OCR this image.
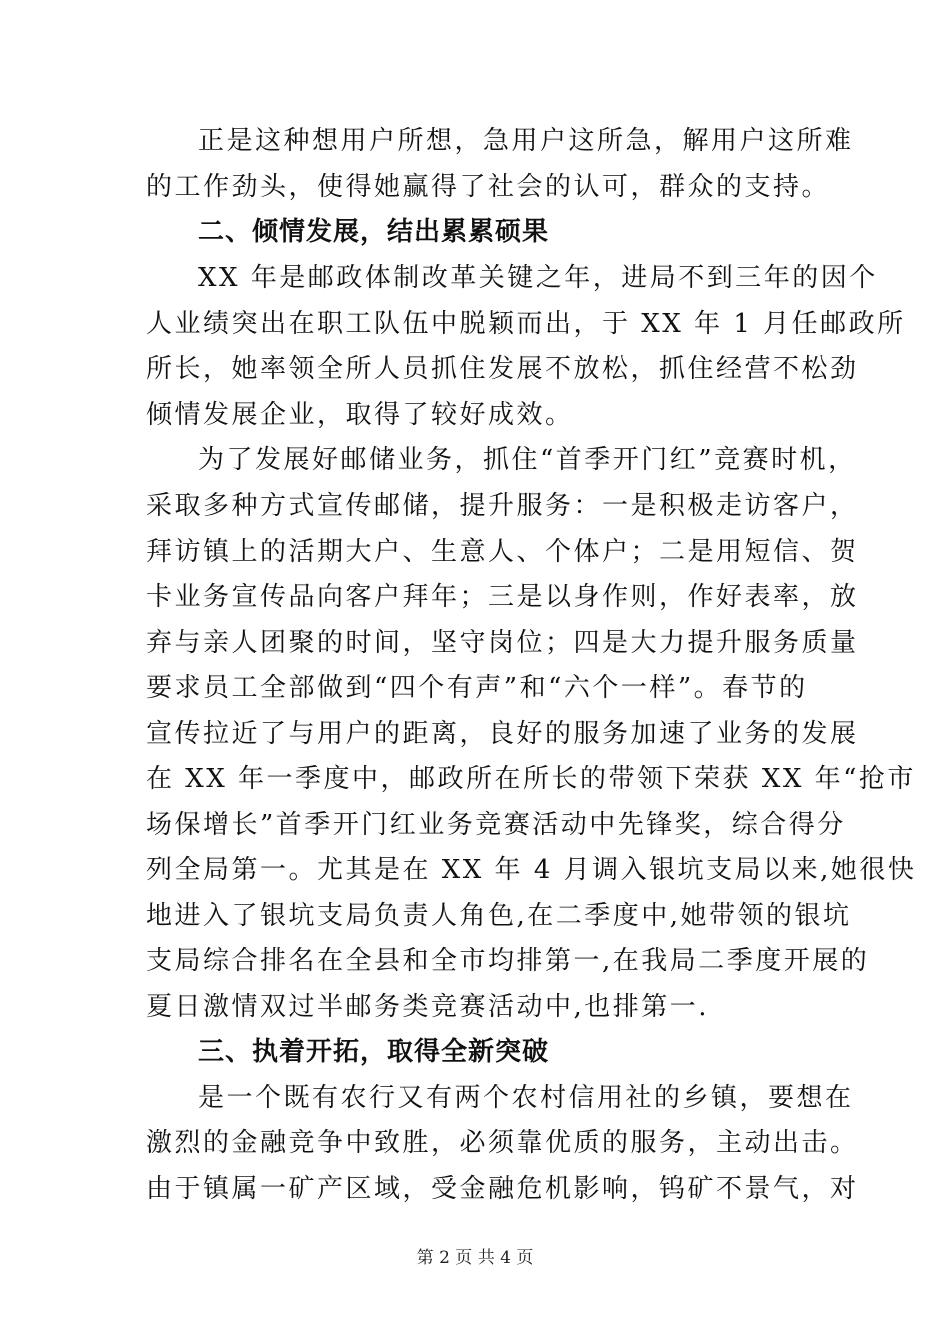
正是这种想用户所想，急用户这所急，解用户这所难
的工作劲头，使得她赢得了社会的认可，群众的支持。
二、倾情发展，结出累累硕果
XX 年是邮政体制改革关键之年，进局不到三年的因个
人业绩突出在职工队伍中脱颖而出，于 XX 年 1 月任邮政所
所长，她率领全所人员抓住发展不放松，抓住经营不松劲
倾情发展企业，取得了较好成效。
为了发展好邮储业务，抓住“首季开门红”竞赛时机，
采取多种方式宣传邮储，提升服务：一是积极走访客户，
拜访镇上的活期大户、生意人、个体户；二是用短信、贺
卡业务宣传品向客户拜年；三是以身作则，作好表率，放
弃与亲人团聚的时间，坚守岗位；四是大力提升服务质量
要求员工全部做到“四个有声”和“六个一样”。春节的
宣传拉近了与用户的距离，良好的服务加速了业务的发展
在 XX 年一季度中，邮政所在所长的带领下荣获 XX 年“抢市
场保增长”首季开门红业务竞赛活动中先锋奖，综合得分
列全局第一。尤其是在 XX 年 4 月调入银坑支局以来,她很快
地进入了银坑支局负责人角色,在二季度中,她带领的银坑
支局综合排名在全县和全市均排第一,在我局二季度开展的
夏日激情双过半邮务类竞赛活动中,也排第一.
三、执着开拓，取得全新突破
是一个既有农行又有两个农村信用社的乡镇，要想在
激烈的金融竞争中致胜，必须靠优质的服务，主动出击。
由于镇属一矿产区域，受金融危机影响，钨矿不景气，对
第 2 页 共 4 页
